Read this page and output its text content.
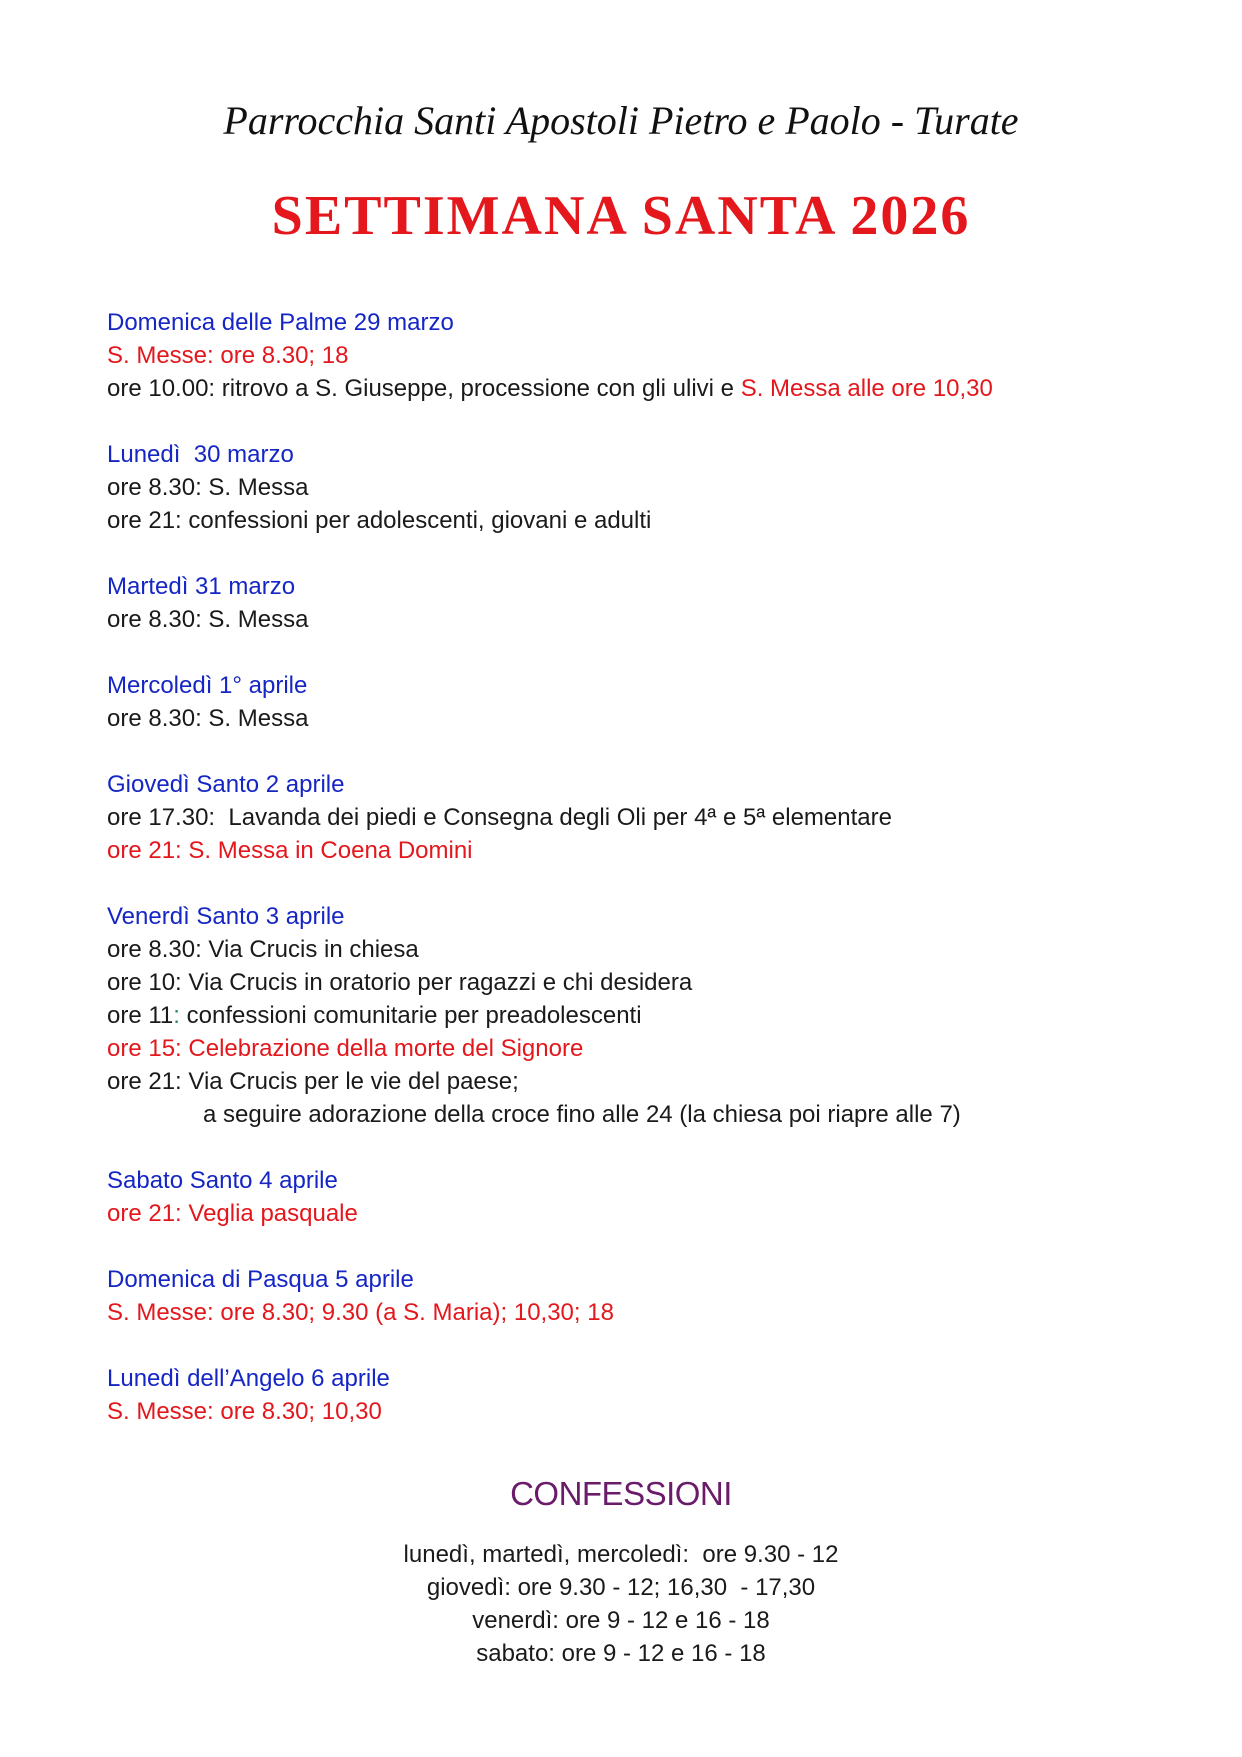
Parrocchia Santi Apostoli Pietro e Paolo - Turate
SETTIMANA SANTA 2026
Domenica delle Palme 29 marzo
S. Messe: ore 8.30; 18
ore 10.00: ritrovo a S. Giuseppe, processione con gli ulivi e S. Messa alle ore 10,30
Lunedì  30 marzo
ore 8.30: S. Messa
ore 21: confessioni per adolescenti, giovani e adulti
Martedì 31 marzo
ore 8.30: S. Messa
Mercoledì 1° aprile
ore 8.30: S. Messa
Giovedì Santo 2 aprile
ore 17.30:  Lavanda dei piedi e Consegna degli Oli per 4ª e 5ª elementare
ore 21: S. Messa in Coena Domini
Venerdì Santo 3 aprile
ore 8.30: Via Crucis in chiesa
ore 10: Via Crucis in oratorio per ragazzi e chi desidera
ore 11: confessioni comunitarie per preadolescenti
ore 15: Celebrazione della morte del Signore
ore 21: Via Crucis per le vie del paese;
a seguire adorazione della croce fino alle 24 (la chiesa poi riapre alle 7)
Sabato Santo 4 aprile
ore 21: Veglia pasquale
Domenica di Pasqua 5 aprile
S. Messe: ore 8.30; 9.30 (a S. Maria); 10,30; 18
Lunedì dell’Angelo 6 aprile
S. Messe: ore 8.30; 10,30
CONFESSIONI
lunedì, martedì, mercoledì:  ore 9.30 - 12
giovedì: ore 9.30 - 12; 16,30  - 17,30
venerdì: ore 9 - 12 e 16 - 18
sabato: ore 9 - 12 e 16 - 18
